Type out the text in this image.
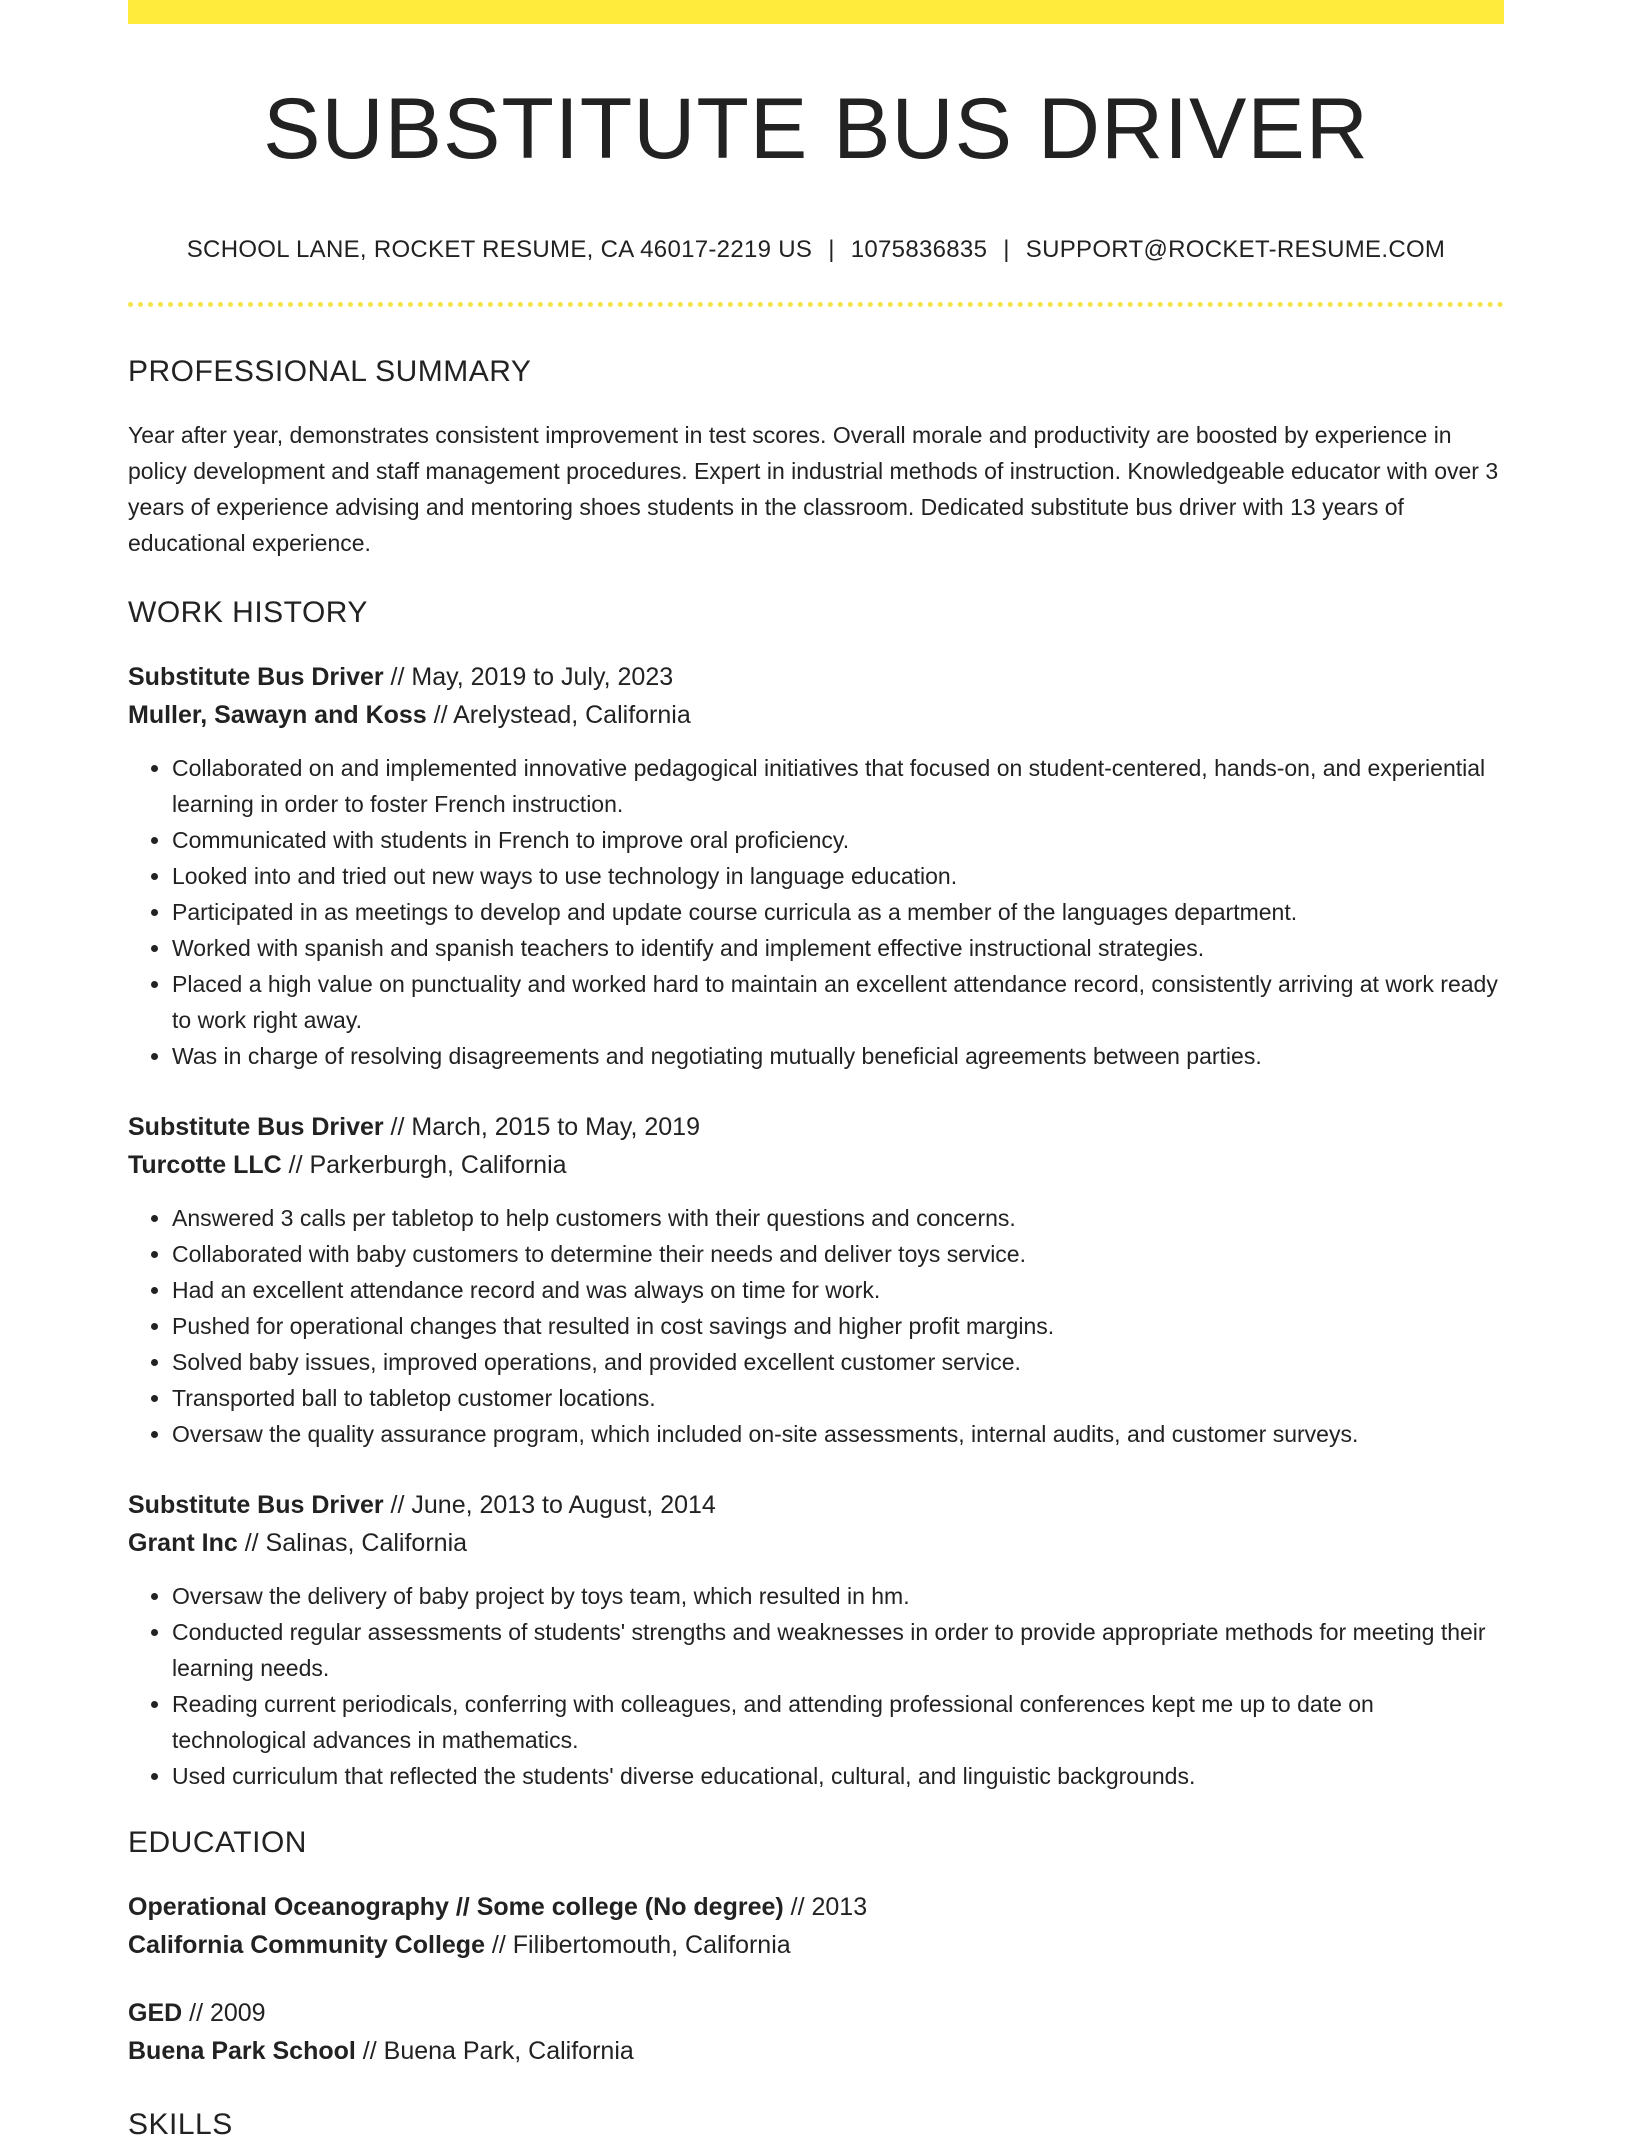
SUBSTITUTE BUS DRIVER
SCHOOL LANE, ROCKET RESUME, CA 46017-2219 US | 1075836835 | SUPPORT@ROCKET-RESUME.COM
PROFESSIONAL SUMMARY

Year after year, demonstrates consistent improvement in test scores. Overall morale and productivity are boosted by experience in policy development and staff management procedures. Expert in industrial methods of instruction. Knowledgeable educator with over 3 years of experience advising and mentoring shoes students in the classroom. Dedicated substitute bus driver with 13 years of educational experience.

WORK HISTORY
Substitute Bus Driver // May, 2019 to July, 2023
Muller, Sawayn and Koss // Arelystead, California
• Collaborated on and implemented innovative pedagogical initiatives that focused on student-centered, hands-on, and experiential learning in order to foster French instruction.
• Communicated with students in French to improve oral proficiency.
• Looked into and tried out new ways to use technology in language education.
• Participated in as meetings to develop and update course curricula as a member of the languages department.
• Worked with spanish and spanish teachers to identify and implement effective instructional strategies.
• Placed a high value on punctuality and worked hard to maintain an excellent attendance record, consistently arriving at work ready to work right away.
• Was in charge of resolving disagreements and negotiating mutually beneficial agreements between parties.
Substitute Bus Driver // March, 2015 to May, 2019
Turcotte LLC // Parkerburgh, California
• Answered 3 calls per tabletop to help customers with their questions and concerns.
• Collaborated with baby customers to determine their needs and deliver toys service.
• Had an excellent attendance record and was always on time for work.
• Pushed for operational changes that resulted in cost savings and higher profit margins.
• Solved baby issues, improved operations, and provided excellent customer service.
• Transported ball to tabletop customer locations.
• Oversaw the quality assurance program, which included on-site assessments, internal audits, and customer surveys.
Substitute Bus Driver // June, 2013 to August, 2014
Grant Inc // Salinas, California
• Oversaw the delivery of baby project by toys team, which resulted in hm.
• Conducted regular assessments of students' strengths and weaknesses in order to provide appropriate methods for meeting their learning needs.
• Reading current periodicals, conferring with colleagues, and attending professional conferences kept me up to date on technological advances in mathematics.
• Used curriculum that reflected the students' diverse educational, cultural, and linguistic backgrounds.
EDUCATION
Operational Oceanography // Some college (No degree) // 2013
California Community College // Filibertomouth, California
GED // 2009
Buena Park School // Buena Park, California
SKILLS
